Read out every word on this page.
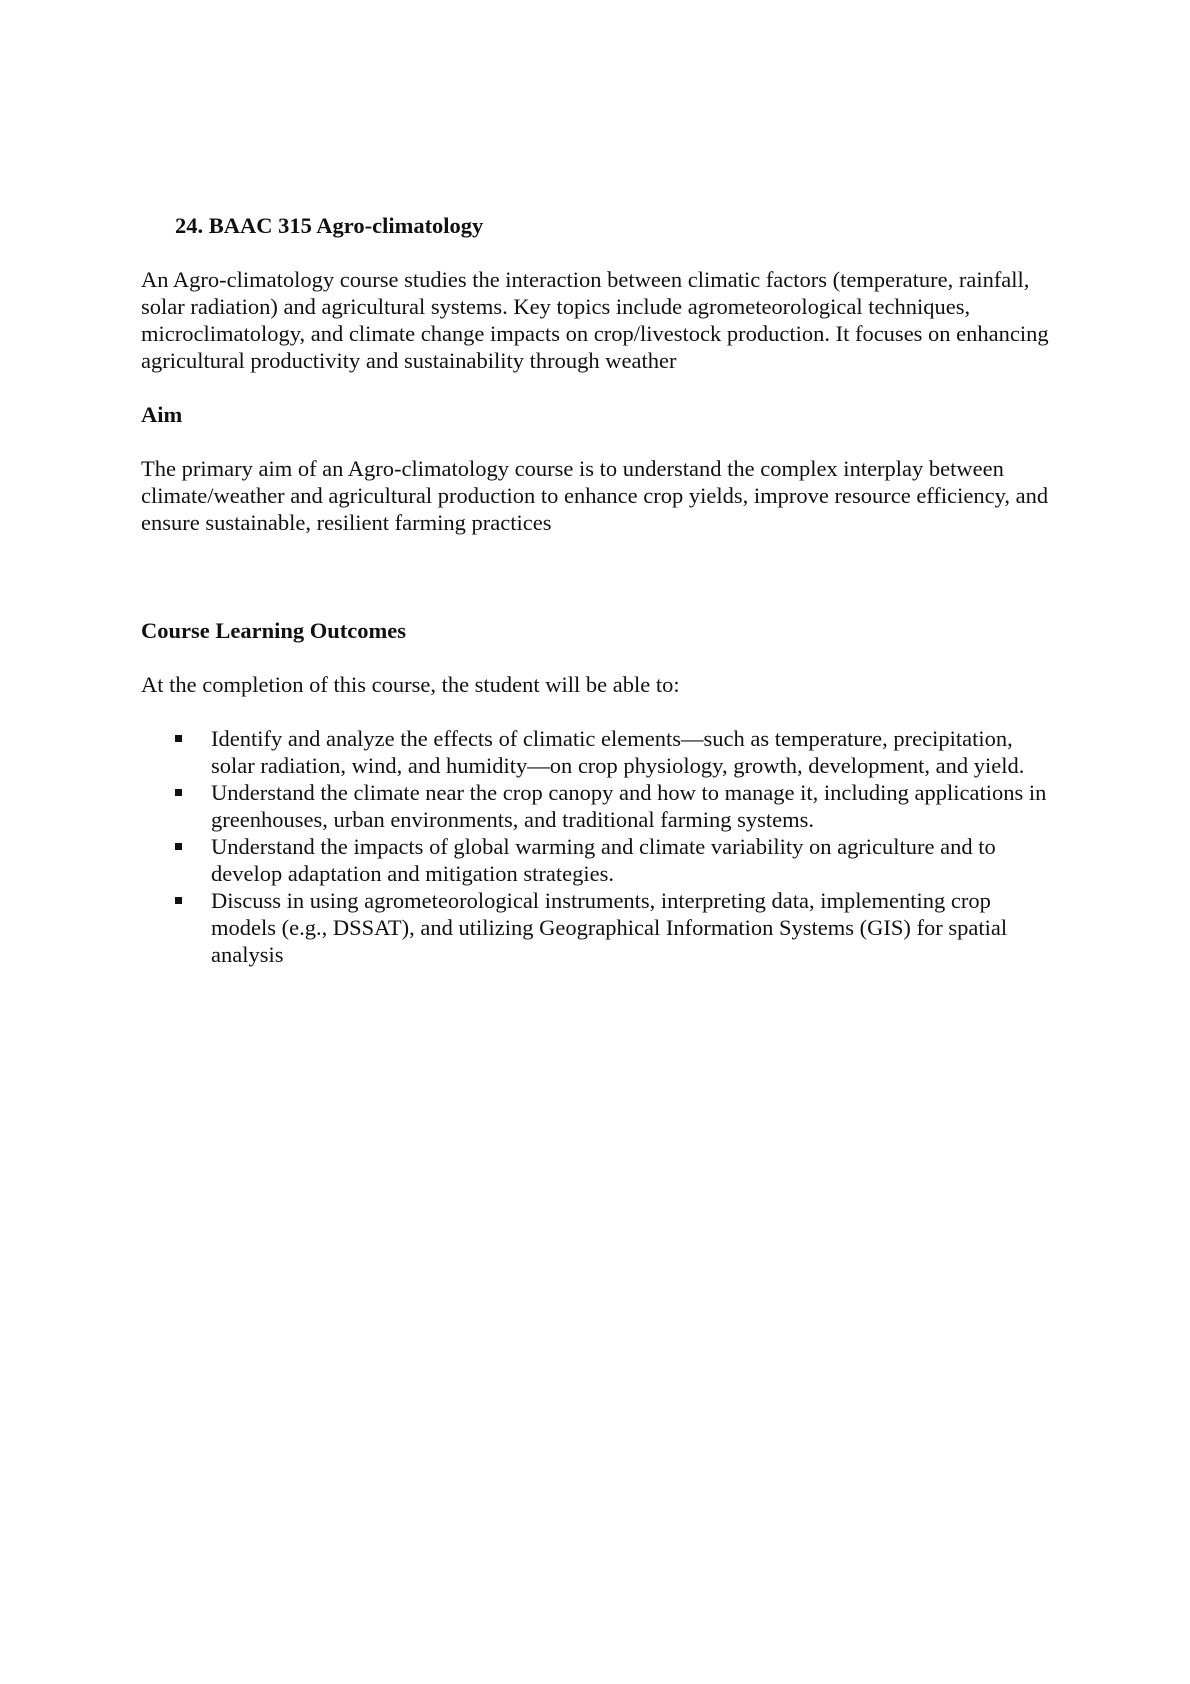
24. BAAC 315 Agro-climatology
An Agro-climatology course studies the interaction between climatic factors (temperature, rainfall, solar radiation) and agricultural systems. Key topics include agrometeorological techniques, microclimatology, and climate change impacts on crop/livestock production. It focuses on enhancing agricultural productivity and sustainability through weather
Aim
The primary aim of an Agro-climatology course is to understand the complex interplay between climate/weather and agricultural production to enhance crop yields, improve resource efficiency, and ensure sustainable, resilient farming practices
Course Learning Outcomes
At the completion of this course, the student will be able to:
Identify and analyze the effects of climatic elements—such as temperature, precipitation, solar radiation, wind, and humidity—on crop physiology, growth, development, and yield.
Understand the climate near the crop canopy and how to manage it, including applications in greenhouses, urban environments, and traditional farming systems.
Understand the impacts of global warming and climate variability on agriculture and to develop adaptation and mitigation strategies.
Discuss in using agrometeorological instruments, interpreting data, implementing crop models (e.g., DSSAT), and utilizing Geographical Information Systems (GIS) for spatial analysis
